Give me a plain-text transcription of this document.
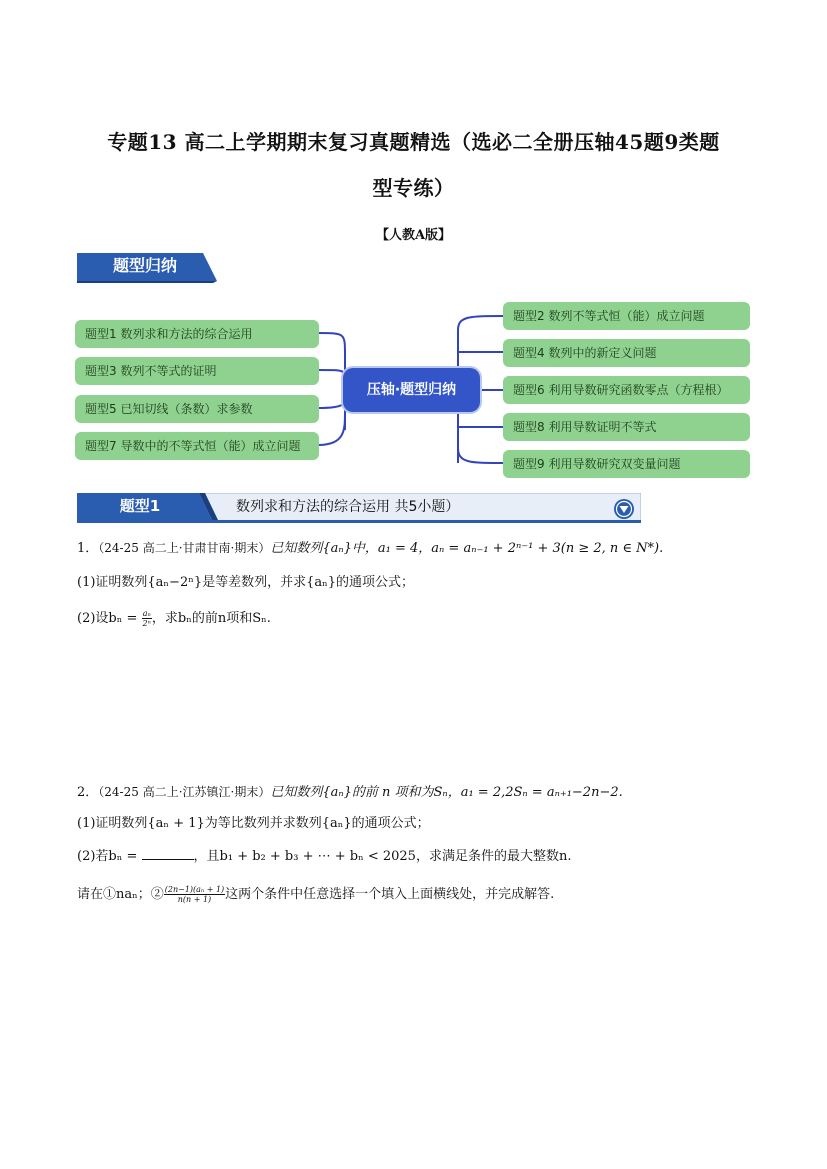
专题13 高二上学期期末复习真题精选（选必二全册压轴45题9类题
型专练）
【人教A版】
题型归纳
题型1 数列求和方法的综合运用
题型3 数列不等式的证明
题型5 已知切线（条数）求参数
题型7 导数中的不等式恒（能）成立问题
压轴·题型归纳
题型2 数列不等式恒（能）成立问题
题型4 数列中的新定义问题
题型6 利用导数研究函数零点（方程根）
题型8 利用导数证明不等式
题型9 利用导数研究双变量问题
题型1	数列求和方法的综合运用 共5小题）
1．（24-25 高二上·甘肃甘南·期末）已知数列{aₙ}中，a₁ = 4，aₙ = aₙ₋₁ + 2ⁿ⁻¹ + 3(n ≥ 2, n ∈ N*).
(1)证明数列{aₙ−2ⁿ}是等差数列，并求{aₙ}的通项公式；
(2)设$b_n = \frac{\text{aₙ}}{\text{2ⁿ}}$ ，求bₙ的前n项和Sₙ.
2．（24-25 高二上·江苏镇江·期末）已知数列{aₙ}的前 n 项和为Sₙ，a₁ = 2,2Sₙ = aₙ₊₁−2n−2.
(1)证明数列{aₙ + 1}为等比数列并求数列{aₙ}的通项公式；
(2)若bₙ =	，且b₁ + b₂ + b₃ + ⋯ + bₙ < 2025，求满足条件的最大整数n.
请在①naₙ；② $\frac{\text{(2n−1)(aₙ + 1)}}{n(n + 1)}$ 这两个条件中任意选择一个填入上面横线处，并完成解答.
